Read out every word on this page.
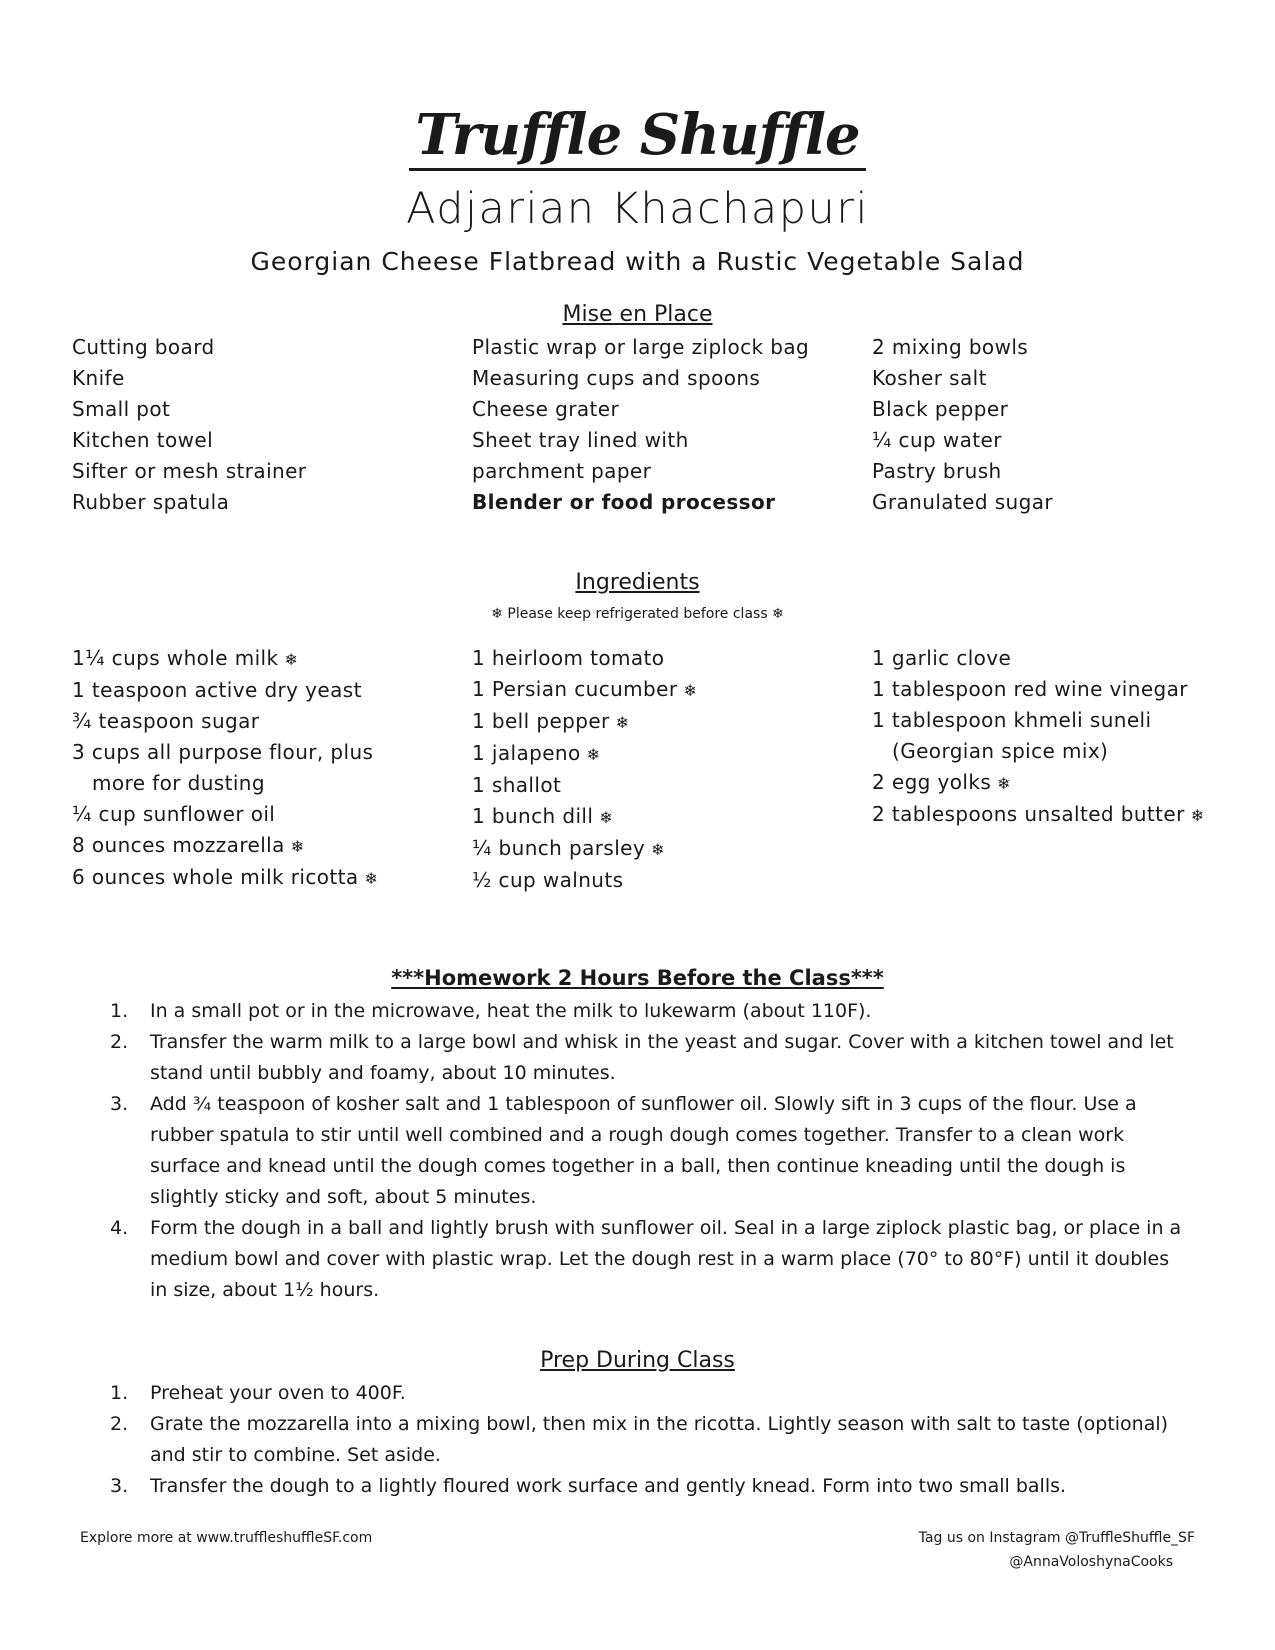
Truffle Shuffle
Adjarian Khachapuri
Georgian Cheese Flatbread with a Rustic Vegetable Salad
Mise en Place
Cutting board
Knife
Small pot
Kitchen towel
Sifter or mesh strainer
Rubber spatula
Plastic wrap or large ziplock bag
Measuring cups and spoons
Cheese grater
Sheet tray lined with parchment paper
Blender or food processor
2 mixing bowls
Kosher salt
Black pepper
¼ cup water
Pastry brush
Granulated sugar
Ingredients
❄ Please keep refrigerated before class ❄
1¼ cups whole milk ❄
1 teaspoon active dry yeast
¾ teaspoon sugar
3 cups all purpose flour, plus
more for dusting
¼ cup sunflower oil
8 ounces mozzarella ❄
6 ounces whole milk ricotta ❄
1 heirloom tomato
1 Persian cucumber ❄
1 bell pepper ❄
1 jalapeno ❄
1 shallot
1 bunch dill ❄
¼ bunch parsley ❄
½ cup walnuts
1 garlic clove
1 tablespoon red wine vinegar
1 tablespoon khmeli suneli
(Georgian spice mix)
2 egg yolks ❄
2 tablespoons unsalted butter ❄
***Homework 2 Hours Before the Class***
1. In a small pot or in the microwave, heat the milk to lukewarm (about 110F).
2. Transfer the warm milk to a large bowl and whisk in the yeast and sugar. Cover with a kitchen towel and let stand until bubbly and foamy, about 10 minutes.
3. Add ¾ teaspoon of kosher salt and 1 tablespoon of sunflower oil. Slowly sift in 3 cups of the flour. Use a rubber spatula to stir until well combined and a rough dough comes together. Transfer to a clean work surface and knead until the dough comes together in a ball, then continue kneading until the dough is slightly sticky and soft, about 5 minutes.
4. Form the dough in a ball and lightly brush with sunflower oil. Seal in a large ziplock plastic bag, or place in a medium bowl and cover with plastic wrap. Let the dough rest in a warm place (70° to 80°F) until it doubles in size, about 1½ hours.
Prep During Class
1. Preheat your oven to 400F.
2. Grate the mozzarella into a mixing bowl, then mix in the ricotta. Lightly season with salt to taste (optional) and stir to combine. Set aside.
3. Transfer the dough to a lightly floured work surface and gently knead. Form into two small balls.
Explore more at www.truffleshuffleSF.com	Tag us on Instagram @TruffleShuffle_SF
@AnnaVoloshynaCooks
